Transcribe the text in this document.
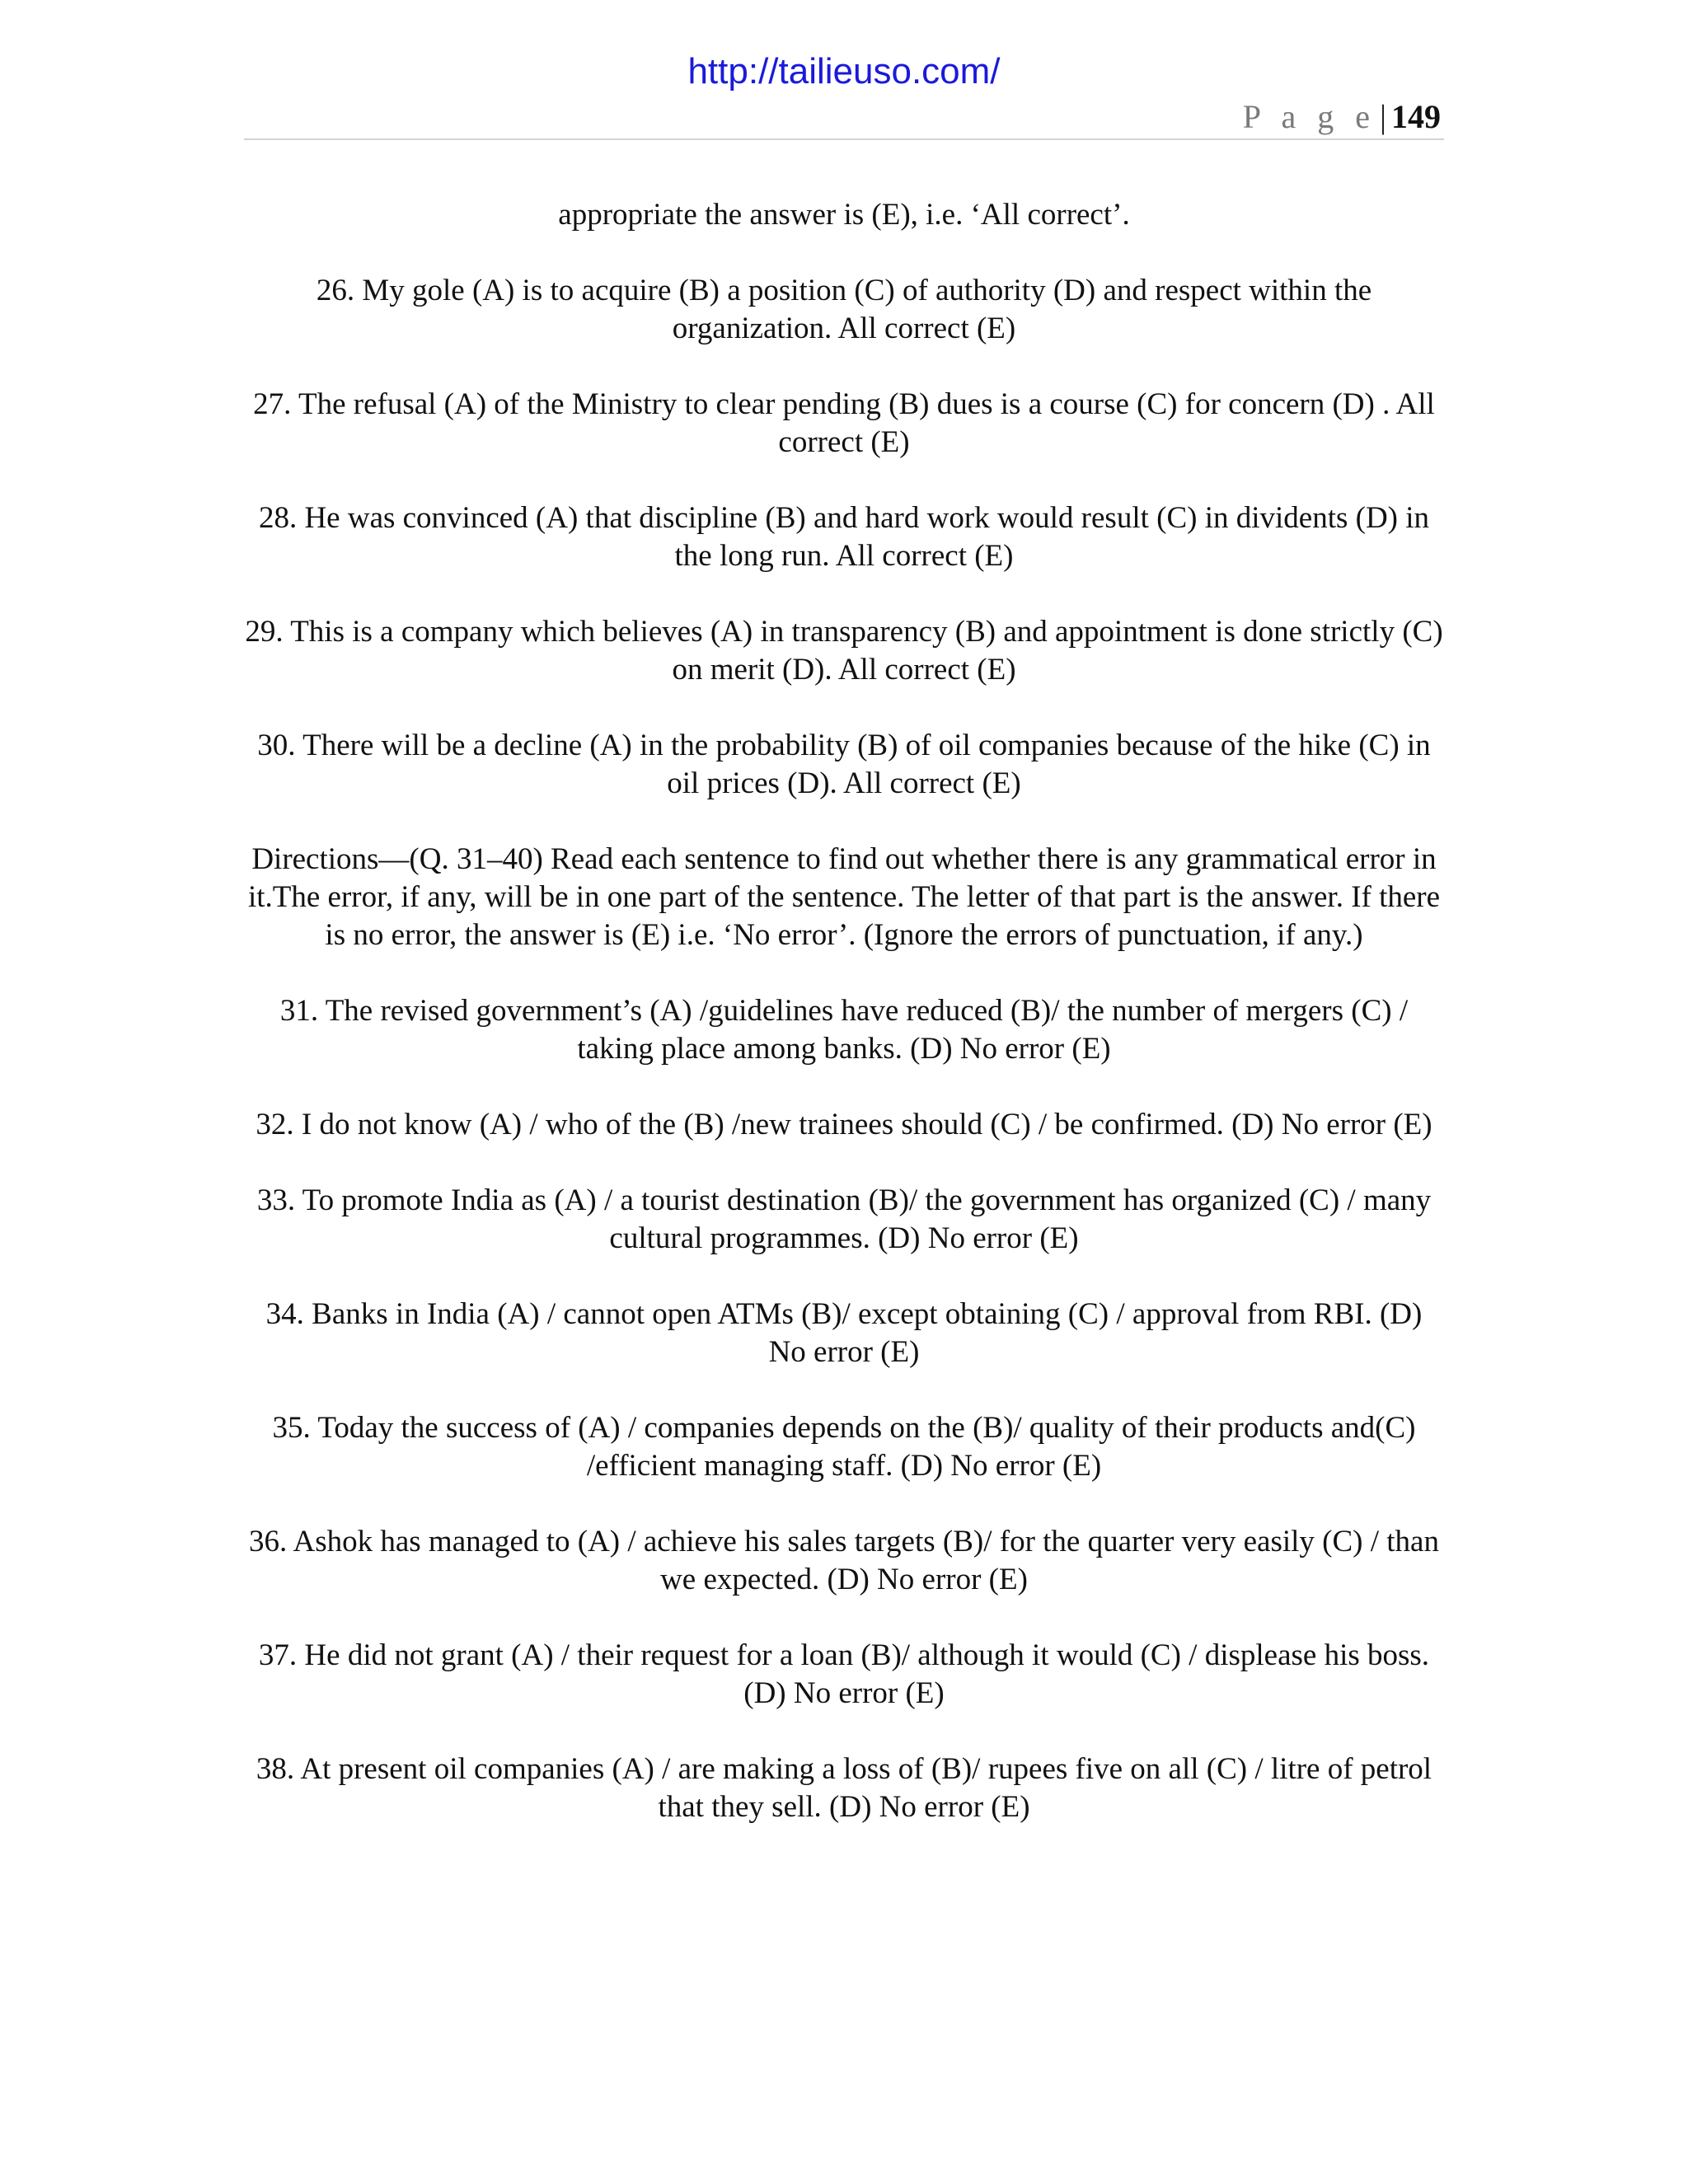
http://tailieuso.com/
P a g e | 149

appropriate the answer is (E), i.e. ‘All correct’.

26. My gole (A) is to acquire (B) a position (C) of authority (D) and respect within the organization. All correct (E)

27. The refusal (A) of the Ministry to clear pending (B) dues is a course (C) for concern (D) . All correct (E)

28. He was convinced (A) that discipline (B) and hard work would result (C) in dividents (D) in the long run. All correct (E)

29. This is a company which believes (A) in transparency (B) and appointment is done strictly (C) on merit (D). All correct (E)

30. There will be a decline (A) in the probability (B) of oil companies because of the hike (C) in oil prices (D). All correct (E)

Directions—(Q. 31–40) Read each sentence to find out whether there is any grammatical error in it.The error, if any, will be in one part of the sentence. The letter of that part is the answer. If there is no error, the answer is (E) i.e. ‘No error’. (Ignore the errors of punctuation, if any.)

31. The revised government’s (A) /guidelines have reduced (B)/ the number of mergers (C) / taking place among banks. (D) No error (E)

32. I do not know (A) / who of the (B) /new trainees should (C) / be confirmed. (D) No error (E)

33. To promote India as (A) / a tourist destination (B)/ the government has organized (C) / many cultural programmes. (D) No error (E)

34. Banks in India (A) / cannot open ATMs (B)/ except obtaining (C) / approval from RBI. (D) No error (E)

35. Today the success of (A) / companies depends on the (B)/ quality of their products and(C) /efficient managing staff. (D) No error (E)

36. Ashok has managed to (A) / achieve his sales targets (B)/ for the quarter very easily (C) / than we expected. (D) No error (E)

37. He did not grant (A) / their request for a loan (B)/ although it would (C) / displease his boss. (D) No error (E)

38. At present oil companies (A) / are making a loss of (B)/ rupees five on all (C) / litre of petrol that they sell. (D) No error (E)
